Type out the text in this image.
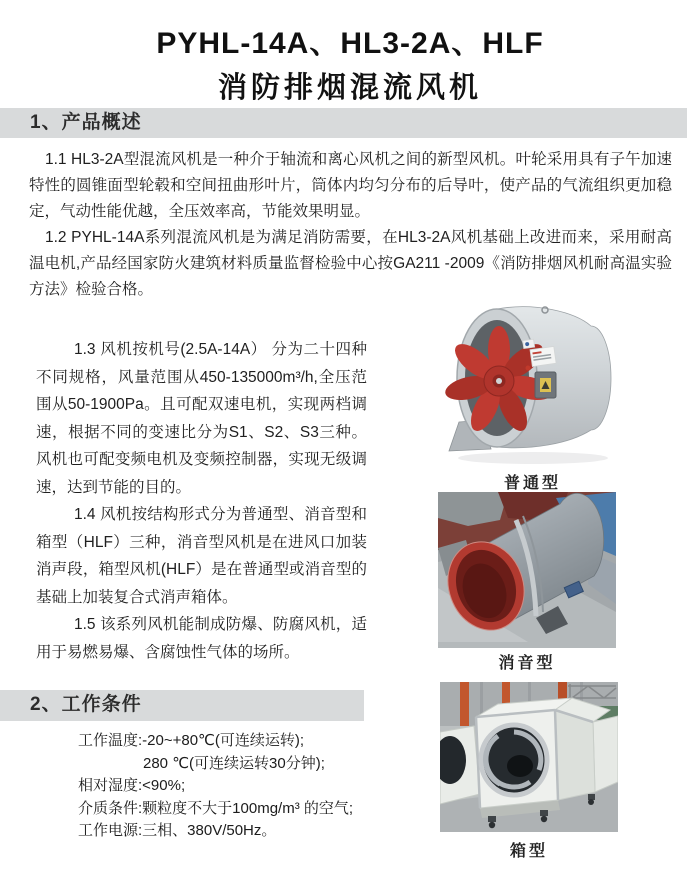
PYHL-14A、HL3-2A、HLF
消防排烟混流风机
1、产品概述

1.1 HL3-2A型混流风机是一种介于轴流和离心风机之间的新型风机。叶轮采用具有子午加速特性的圆锥面型轮毂和空间扭曲形叶片，筒体内均匀分布的后导叶，使产品的气流组织更加稳定，气动性能优越，全压效率高，节能效果明显。

1.2 PYHL-14A系列混流风机是为满足消防需要，在HL3-2A风机基础上改进而来，采用耐高温电机,产品经国家防火建筑材料质量监督检验中心按GA211 -2009《消防排烟风机耐高温实验方法》检验合格。

1.3 风机按机号(2.5A-14A） 分为二十四种不同规格，风量范围从450-135000m³/h,全压范围从50-1900Pa。且可配双速电机，实现两档调速，根据不同的变速比分为S1、S2、S3三种。风机也可配变频电机及变频控制器，实现无级调速，达到节能的目的。

1.4 风机按结构形式分为普通型、消音型和箱型（HLF）三种，消音型风机是在进风口加装消声段，箱型风机(HLF）是在普通型或消音型的基础上加装复合式消声箱体。

1.5 该系列风机能制成防爆、防腐风机，适用于易燃易爆、含腐蚀性气体的场所。

普通型
消音型
箱型
2、工作条件
工作温度:-20~+80℃(可连续运转);
280 ℃(可连续运转30分钟);
相对湿度:<90%;
介质条件:颗粒度不大于100mg/m³ 的空气;
工作电源:三相、380V/50Hz。
